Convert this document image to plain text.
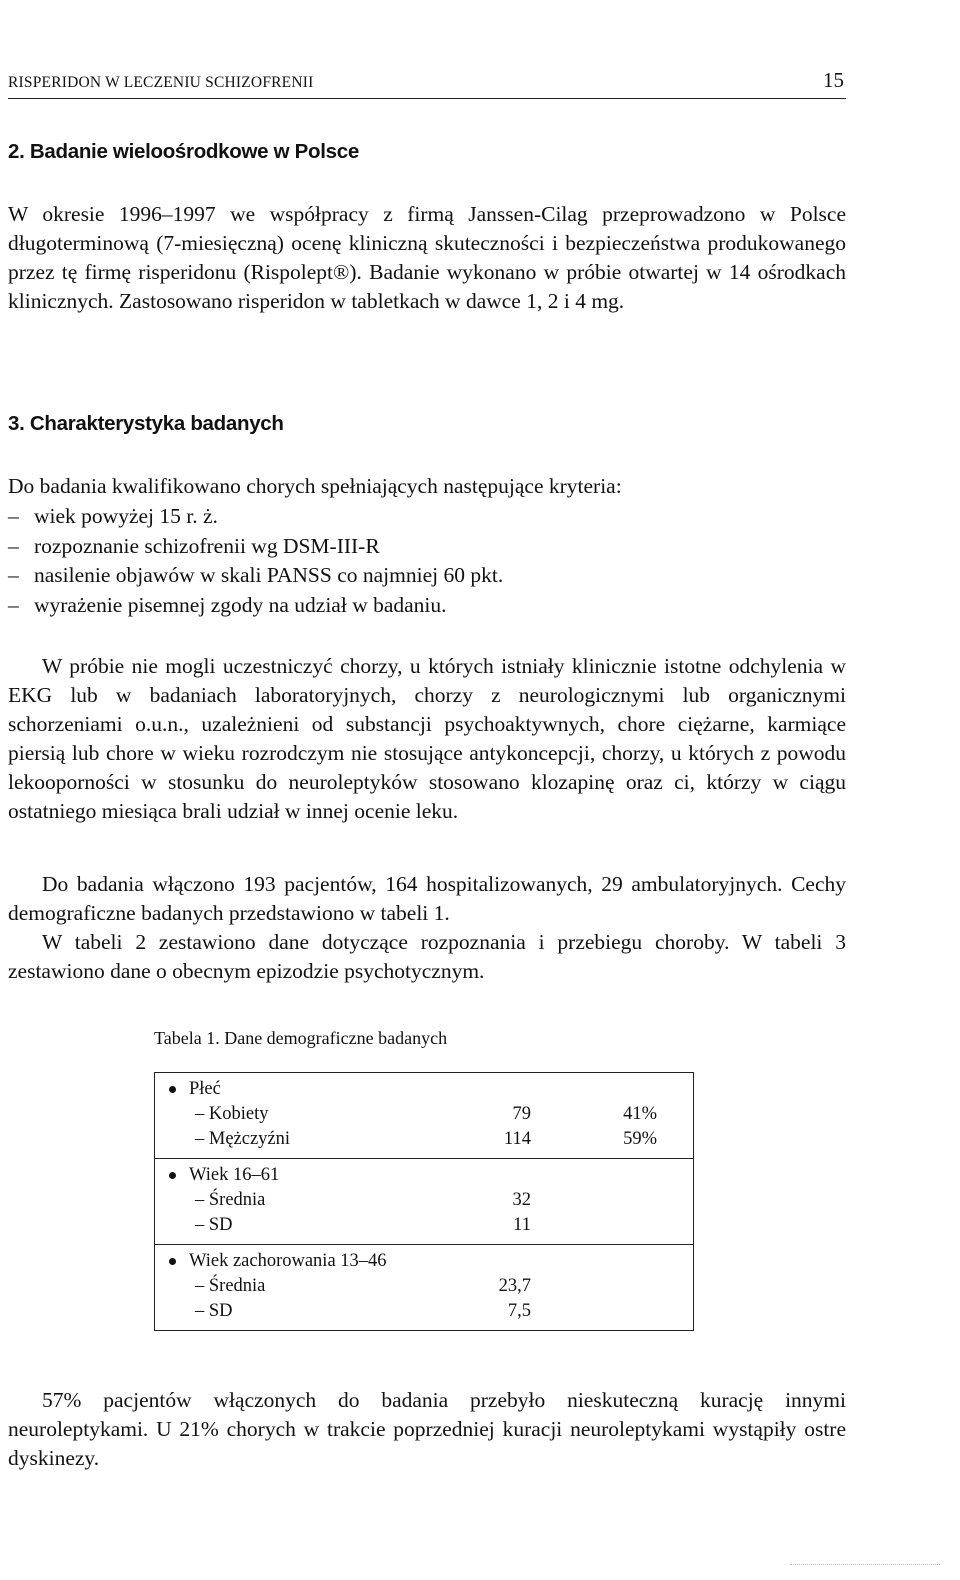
RISPERIDON W LECZENIU SCHIZOFRENII	15
2. Badanie wieloośrodkowe w Polsce

W okresie 1996–1997 we współpracy z firmą Janssen-Cilag przeprowadzono w Polsce długoterminową (7-miesięczną) ocenę kliniczną skuteczności i bezpieczeństwa produkowanego przez tę firmę risperidonu (Rispolept®). Badanie wykonano w próbie otwartej w 14 ośrodkach klinicznych. Zastosowano risperidon w tabletkach w dawce 1, 2 i 4 mg.

3. Charakterystyka badanych

Do badania kwalifikowano chorych spełniających następujące kryteria:

– wiek powyżej 15 r. ż.
– rozpoznanie schizofrenii wg DSM-III-R
– nasilenie objawów w skali PANSS co najmniej 60 pkt.
– wyrażenie pisemnej zgody na udział w badaniu.

W próbie nie mogli uczestniczyć chorzy, u których istniały klinicznie istotne odchylenia w EKG lub w badaniach laboratoryjnych, chorzy z neurologicznymi lub organicznymi schorzeniami o.u.n., uzależnieni od substancji psychoaktywnych, chore ciężarne, karmiące piersią lub chore w wieku rozrodczym nie stosujące antykoncepcji, chorzy, u których z powodu lekooporności w stosunku do neuroleptyków stosowano klozapinę oraz ci, którzy w ciągu ostatniego miesiąca brali udział w innej ocenie leku.

Do badania włączono 193 pacjentów, 164 hospitalizowanych, 29 ambulatoryjnych. Cechy demograficzne badanych przedstawiono w tabeli 1.

W tabeli 2 zestawiono dane dotyczące rozpoznania i przebiegu choroby. W tabeli 3 zestawiono dane o obecnym epizodzie psychotycznym.

Tabela 1. Dane demograficzne badanych
Płeć
– Kobiety	79	41%
– Mężczyźni	114	59%
Wiek 16–61
– Średnia	32
– SD	11
Wiek zachorowania 13–46
– Średnia	23,7
– SD	7,5

57% pacjentów włączonych do badania przebyło nieskuteczną kurację innymi neuroleptykami. U 21% chorych w trakcie poprzedniej kuracji neuroleptykami wystąpiły ostre dyskinezy.
